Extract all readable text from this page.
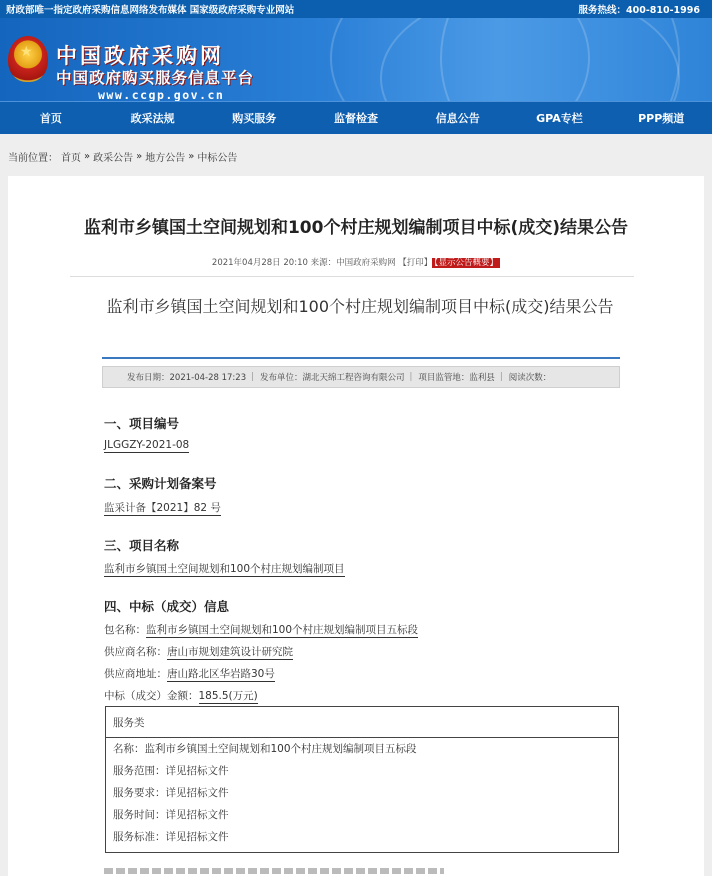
财政部唯一指定政府采购信息网络发布媒体 国家级政府采购专业网站	服务热线：400-810-1996
★
中国政府采购网
中国政府购买服务信息平台
www.ccgp.gov.cn
首页	政采法规	购买服务	监督检查	信息公告	GPA专栏	PPP频道
当前位置： 首页 » 政采公告 » 地方公告 » 中标公告
监利市乡镇国土空间规划和100个村庄规划编制项目中标(成交)结果公告
2021年04月28日 20:10 来源：中国政府采购网 【打印】 【显示公告概要】
监利市乡镇国土空间规划和100个村庄规划编制项目中标(成交)结果公告
发布日期：2021-04-28 17:23 | 发布单位：湖北天绵工程咨询有限公司 | 项目监管地：监利县 | 阅读次数：
一、项目编号
JLGGZY-2021-08
二、采购计划备案号
监采计备【2021】82 号
三、项目名称
监利市乡镇国土空间规划和100个村庄规划编制项目
四、中标（成交）信息
包名称：监利市乡镇国土空间规划和100个村庄规划编制项目五标段
供应商名称：唐山市规划建筑设计研究院
供应商地址：唐山路北区华岩路30号
中标（成交）金额：185.5(万元)
服务类
名称：监利市乡镇国土空间规划和100个村庄规划编制项目五标段
服务范围：详见招标文件
服务要求：详见招标文件
服务时间：详见招标文件
服务标准：详见招标文件
